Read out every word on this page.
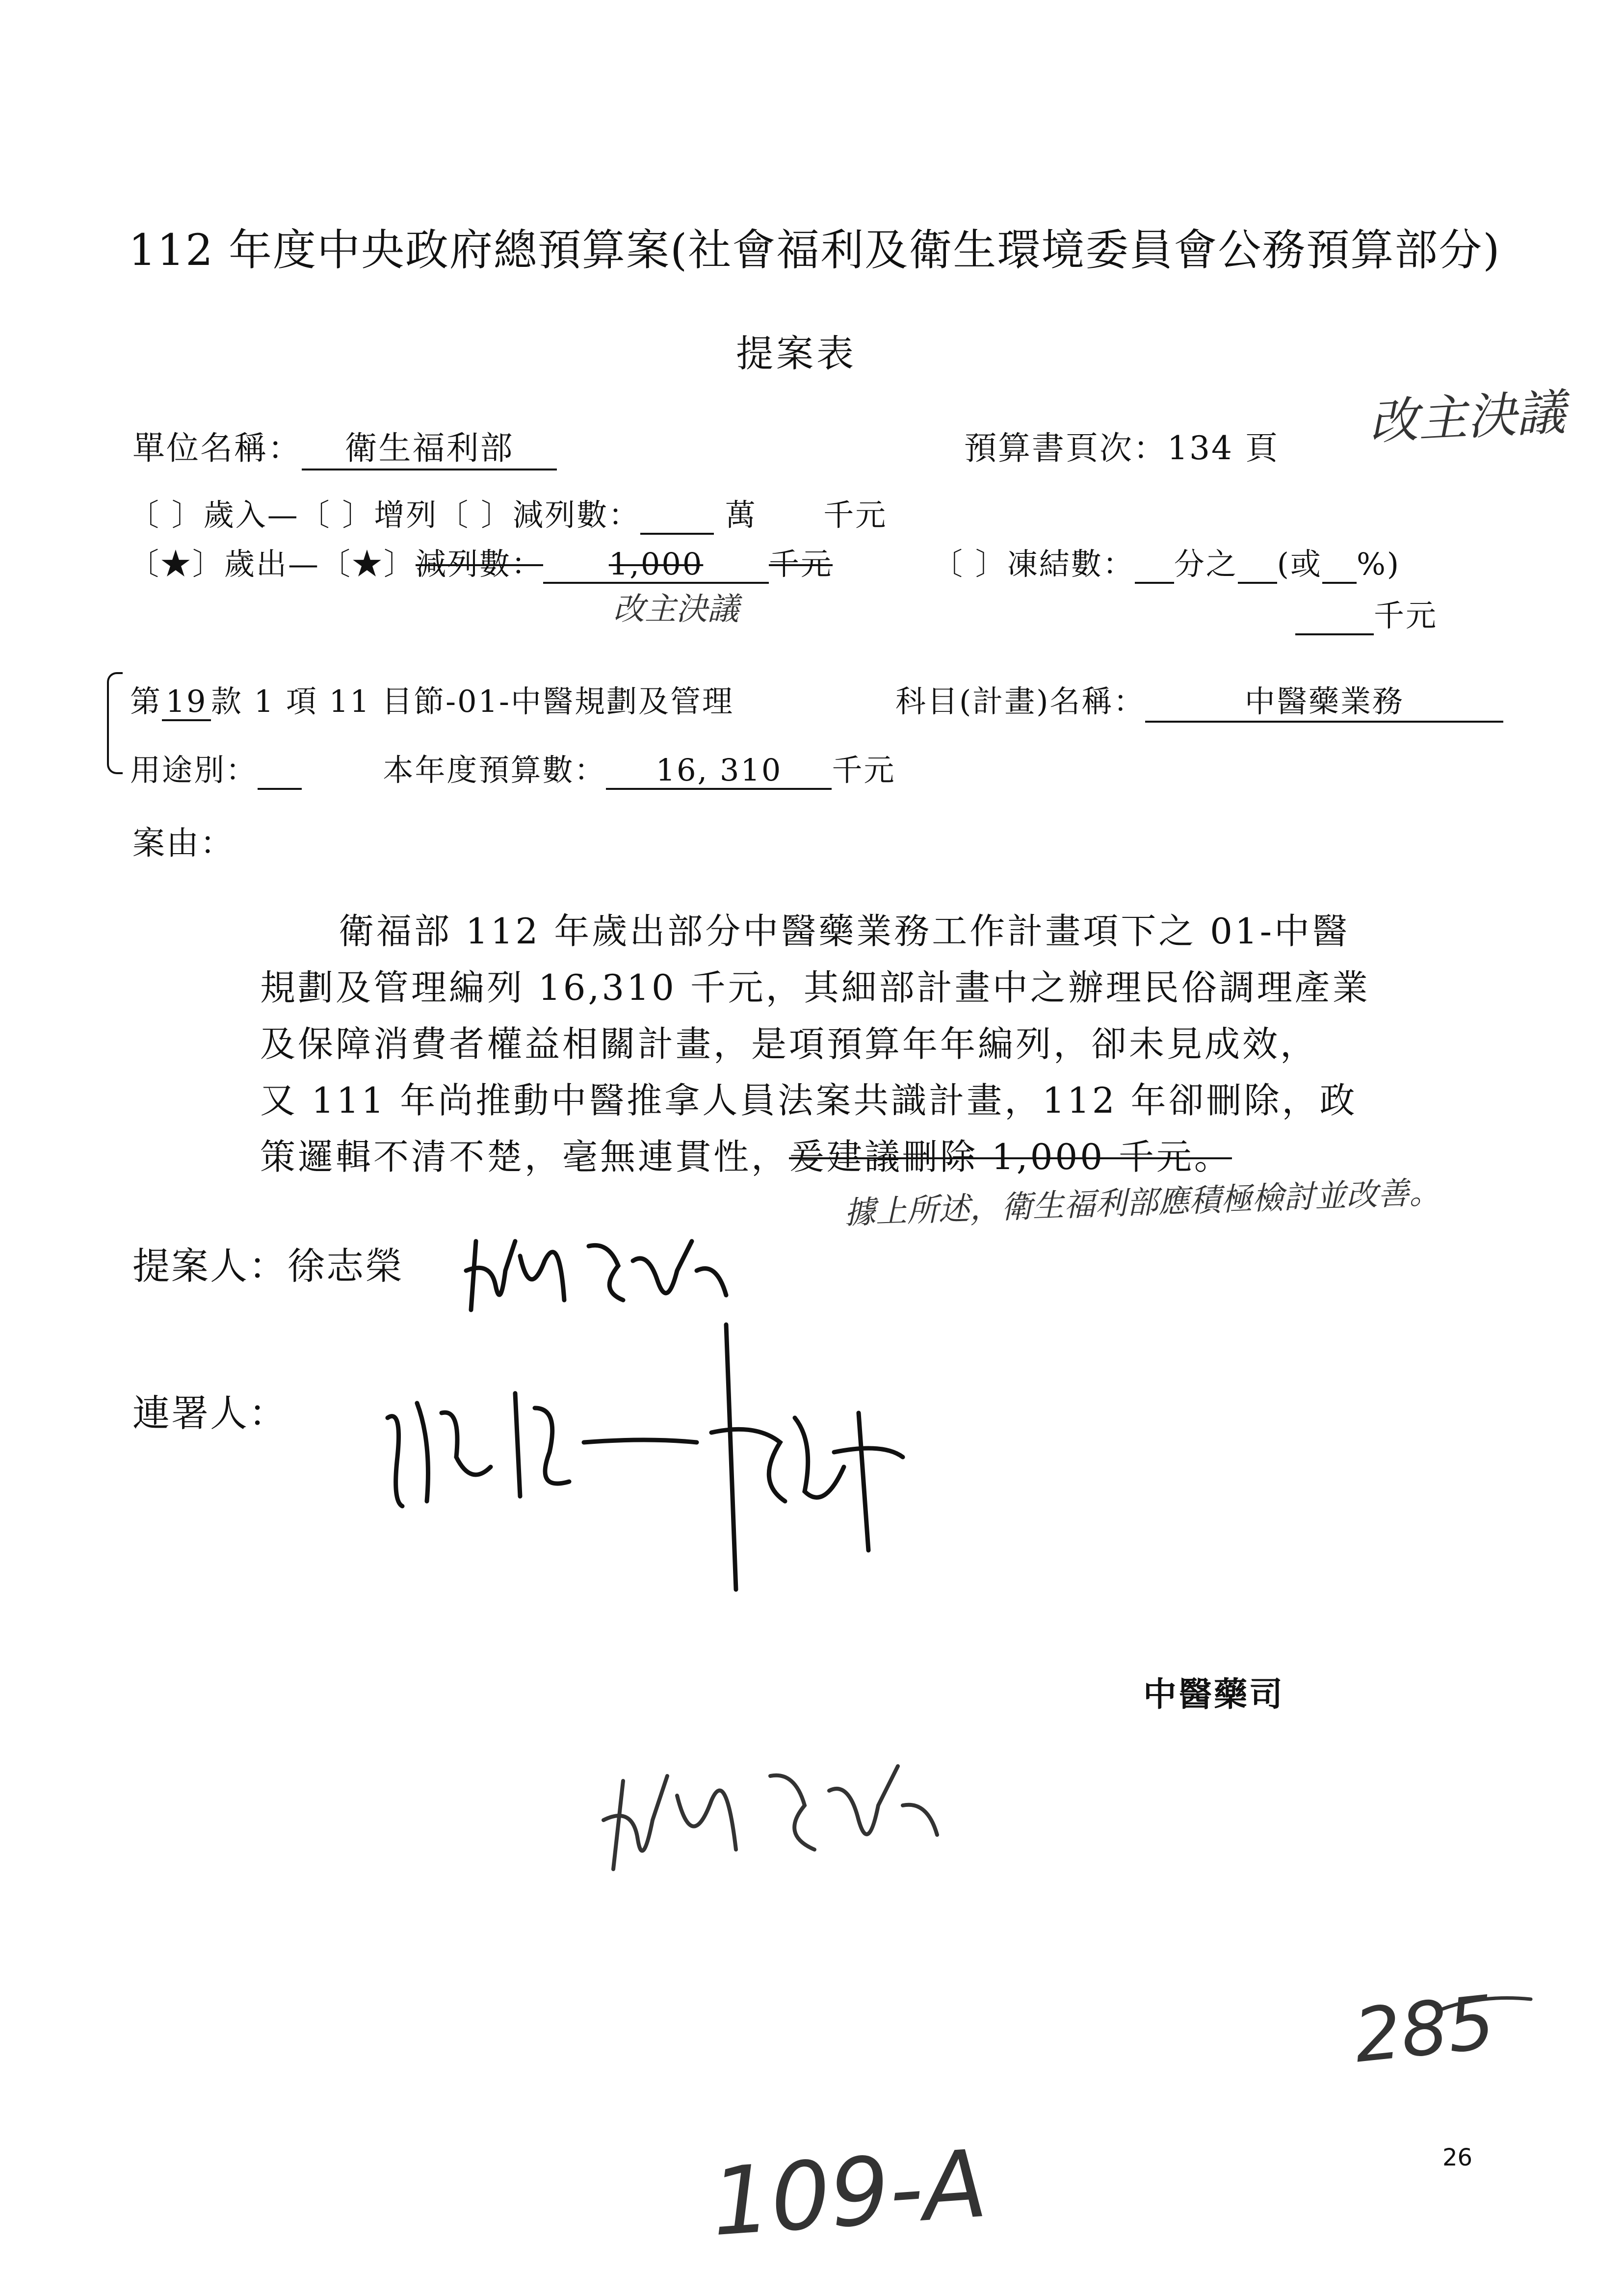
112 年度中央政府總預算案(社會福利及衛生環境委員會公務預算部分)
提案表
改主決議
單位名稱： 衛生福利部	預算書頁次：134 頁
〔 〕歲入—〔 〕增列〔 〕減列數：	萬 千元
〔★〕歲出—〔★〕減列數： 1,000 千元	〔 〕凍結數： 分之 (或 %)
改主決議	千元
第 19 款 1 項 11 目節-01-中醫規劃及管理	科目(計畫)名稱：	中醫藥業務
用途別：	本年度預算數： 16, 310 千元
案由：
衛福部 112 年歲出部分中醫藥業務工作計畫項下之 01-中醫
規劃及管理編列 16,310 千元，其細部計畫中之辦理民俗調理產業
及保障消費者權益相關計畫，是項預算年年編列，卻未見成效，
又 111 年尚推動中醫推拿人員法案共識計畫，112 年卻刪除，政
策邏輯不清不楚，毫無連貫性，爰建議刪除 1,000 千元。
據上所述，衛生福利部應積極檢討並改善。
提案人：徐志榮
連署人：
中醫藥司
285
26
109-A
